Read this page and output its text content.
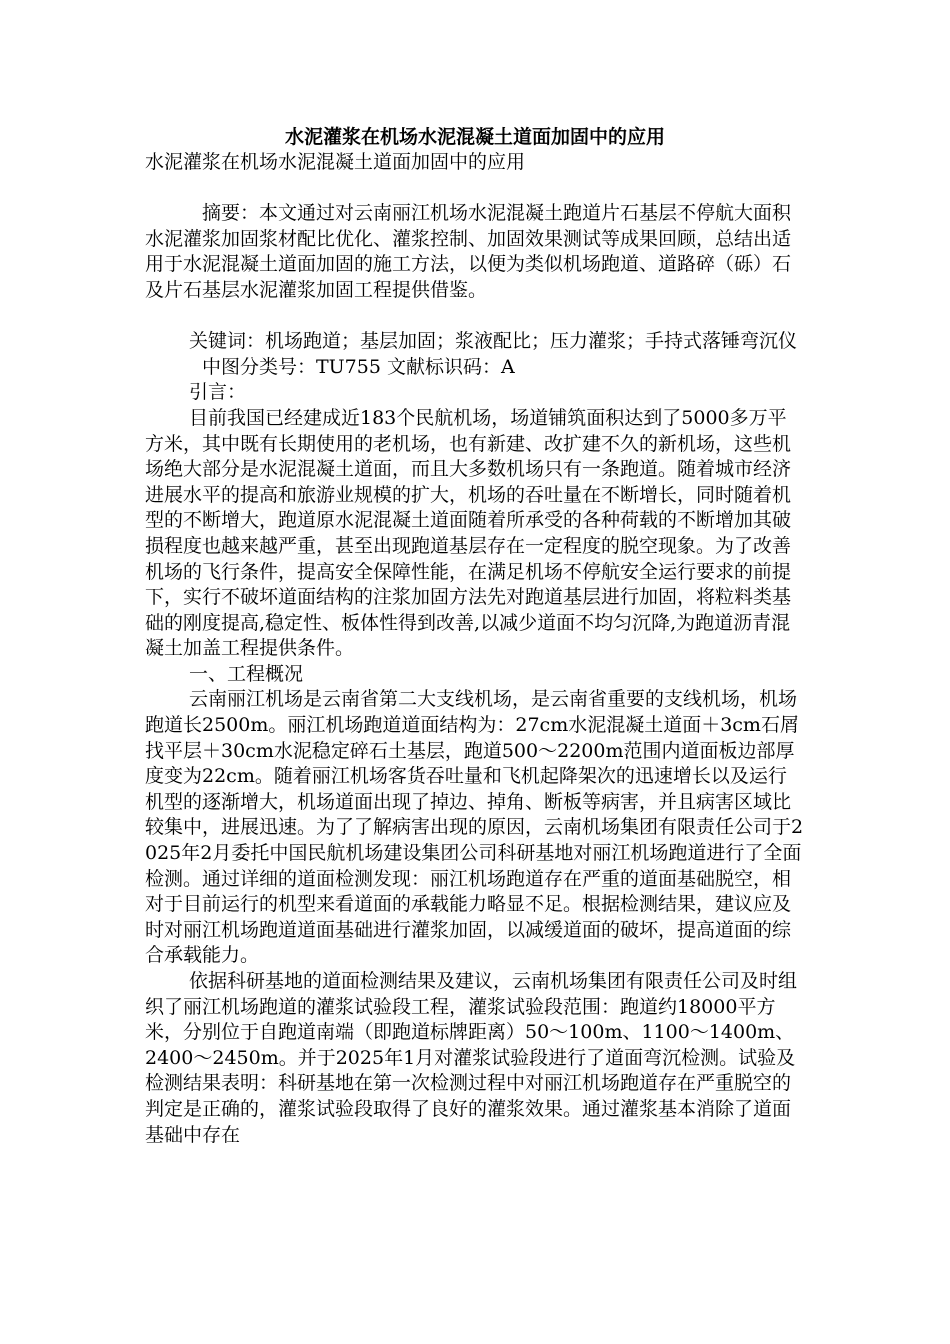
水泥灌浆在机场水泥混凝土道面加固中的应用

水泥灌浆在机场水泥混凝土道面加固中的应用

摘要：本文通过对云南丽江机场水泥混凝土跑道片石基层不停航大面积水泥灌浆加固浆材配比优化、灌浆控制、加固效果测试等成果回顾，总结出适用于水泥混凝土道面加固的施工方法，以便为类似机场跑道、道路碎（砾）石及片石基层水泥灌浆加固工程提供借鉴。

关键词：机场跑道；基层加固；浆液配比；压力灌浆；手持式落锤弯沉仪

中图分类号：TU755 文献标识码：A

引言：

目前我国已经建成近183个民航机场，场道铺筑面积达到了5000多万平方米，其中既有长期使用的老机场，也有新建、改扩建不久的新机场，这些机场绝大部分是水泥混凝土道面，而且大多数机场只有一条跑道。随着城市经济进展水平的提高和旅游业规模的扩大，机场的吞吐量在不断增长，同时随着机型的不断增大，跑道原水泥混凝土道面随着所承受的各种荷载的不断增加其破损程度也越来越严重，甚至出现跑道基层存在一定程度的脱空现象。为了改善机场的飞行条件，提高安全保障性能，在满足机场不停航安全运行要求的前提下，实行不破坏道面结构的注浆加固方法先对跑道基层进行加固，将粒料类基础的刚度提高,稳定性、板体性得到改善,以减少道面不均匀沉降,为跑道沥青混凝土加盖工程提供条件。

一、工程概况

云南丽江机场是云南省第二大支线机场，是云南省重要的支线机场，机场跑道长2500m。丽江机场跑道道面结构为：27cm水泥混凝土道面＋3cm石屑找平层＋30cm水泥稳定碎石土基层，跑道500～2200m范围内道面板边部厚度变为22cm。随着丽江机场客货吞吐量和飞机起降架次的迅速增长以及运行机型的逐渐增大，机场道面出现了掉边、掉角、断板等病害，并且病害区域比较集中，进展迅速。为了了解病害出现的原因，云南机场集团有限责任公司于2025年2月委托中国民航机场建设集团公司科研基地对丽江机场跑道进行了全面检测。通过详细的道面检测发现：丽江机场跑道存在严重的道面基础脱空，相对于目前运行的机型来看道面的承载能力略显不足。根据检测结果，建议应及时对丽江机场跑道道面基础进行灌浆加固，以减缓道面的破坏，提高道面的综合承载能力。

依据科研基地的道面检测结果及建议，云南机场集团有限责任公司及时组织了丽江机场跑道的灌浆试验段工程，灌浆试验段范围：跑道约18000平方米，分别位于自跑道南端（即跑道标牌距离）50～100m、1100～1400m、2400～2450m。并于2025年1月对灌浆试验段进行了道面弯沉检测。试验及检测结果表明：科研基地在第一次检测过程中对丽江机场跑道存在严重脱空的判定是正确的，灌浆试验段取得了良好的灌浆效果。通过灌浆基本消除了道面基础中存在
